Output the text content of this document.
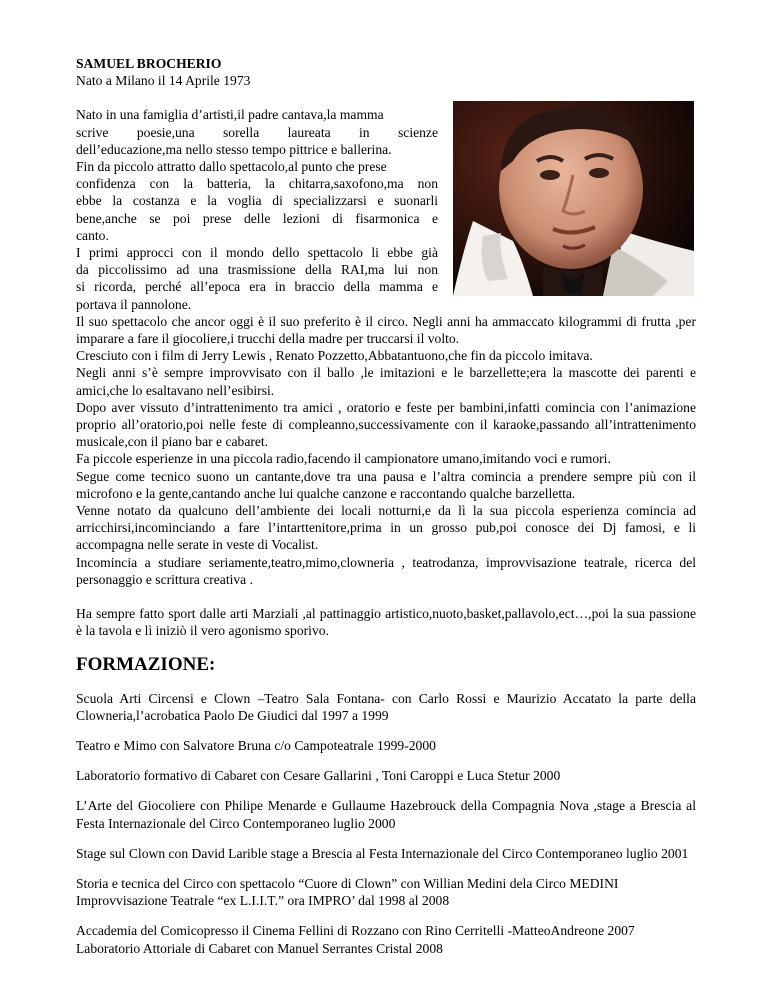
SAMUEL BROCHERIO
Nato a Milano il 14 Aprile 1973
Nato in una famiglia d’artisti,il padre cantava,la mamma
scrive poesie,una sorella laureata in scienze
dell’educazione,ma nello stesso tempo pittrice e ballerina.
Fin da piccolo attratto dallo spettacolo,al punto che prese
confidenza con la batteria, la chitarra,saxofono,ma non
ebbe la costanza e la voglia di specializzarsi e suonarli
bene,anche se poi prese delle lezioni di fisarmonica e
canto.
I primi approcci con il mondo dello spettacolo li ebbe già
da piccolissimo ad una trasmissione della RAI,ma lui non
si ricorda, perché all’epoca era in braccio della mamma e
portava il pannolone.

Il suo spettacolo che ancor oggi è il suo preferito è il circo. Negli anni ha ammaccato kilogrammi di frutta ,per imparare a fare il giocoliere,i trucchi della madre per truccarsi il volto.

Cresciuto con i film di Jerry Lewis , Renato Pozzetto,Abbatantuono,che fin da piccolo imitava.

Negli anni s’è sempre improvvisato con il ballo ,le imitazioni e le barzellette;era la mascotte dei parenti e amici,che lo esaltavano nell’esibirsi.

Dopo aver vissuto d’intrattenimento tra amici , oratorio e feste per bambini,infatti comincia con l’animazione proprio all’oratorio,poi nelle feste di compleanno,successivamente con il karaoke,passando all’intrattenimento musicale,con il piano bar e cabaret.

Fa piccole esperienze in una piccola radio,facendo il campionatore umano,imitando voci e rumori.

Segue come tecnico suono un cantante,dove tra una pausa e l’altra comincia a prendere sempre più con il microfono e la gente,cantando anche lui qualche canzone e raccontando qualche barzelletta.

Venne notato da qualcuno dell’ambiente dei locali notturni,e da lì la sua piccola esperienza comincia ad arricchirsi,incominciando a fare l’intarttenitore,prima in un grosso pub,poi conosce dei Dj famosi, e li accompagna nelle serate in veste di Vocalist.

Incomincia a studiare seriamente,teatro,mimo,clowneria , teatrodanza, improvvisazione teatrale, ricerca del personaggio e scrittura creativa .

Ha sempre fatto sport dalle arti Marziali ,al pattinaggio artistico,nuoto,basket,pallavolo,ect…,poi la sua passione è la tavola e lì iniziò il vero agonismo sporivo.

FORMAZIONE:

Scuola Arti Circensi e Clown –Teatro Sala Fontana- con Carlo Rossi e Maurizio Accatato la parte della Clowneria,l’acrobatica Paolo De Giudici dal 1997 a 1999

Teatro e Mimo con Salvatore Bruna c/o Campoteatrale 1999-2000

Laboratorio formativo di Cabaret con Cesare Gallarini , Toni Caroppi e Luca Stetur 2000

L’Arte del Giocoliere con Philipe Menarde e Gullaume Hazebrouck della Compagnia Nova ,stage a Brescia al Festa Internazionale del Circo Contemporaneo luglio 2000

Stage sul Clown con David Larible stage a Brescia al Festa Internazionale del Circo Contemporaneo luglio 2001

Storia e tecnica del Circo con spettacolo “Cuore di Clown” con Willian Medini dela Circo MEDINI
Improvvisazione Teatrale “ex L.I.I.T.” ora IMPRO’ dal 1998 al 2008
Accademia del Comicopresso il Cinema Fellini di Rozzano con Rino Cerritelli -MatteoAndreone 2007
Laboratorio Attoriale di Cabaret con Manuel Serrantes Cristal 2008
